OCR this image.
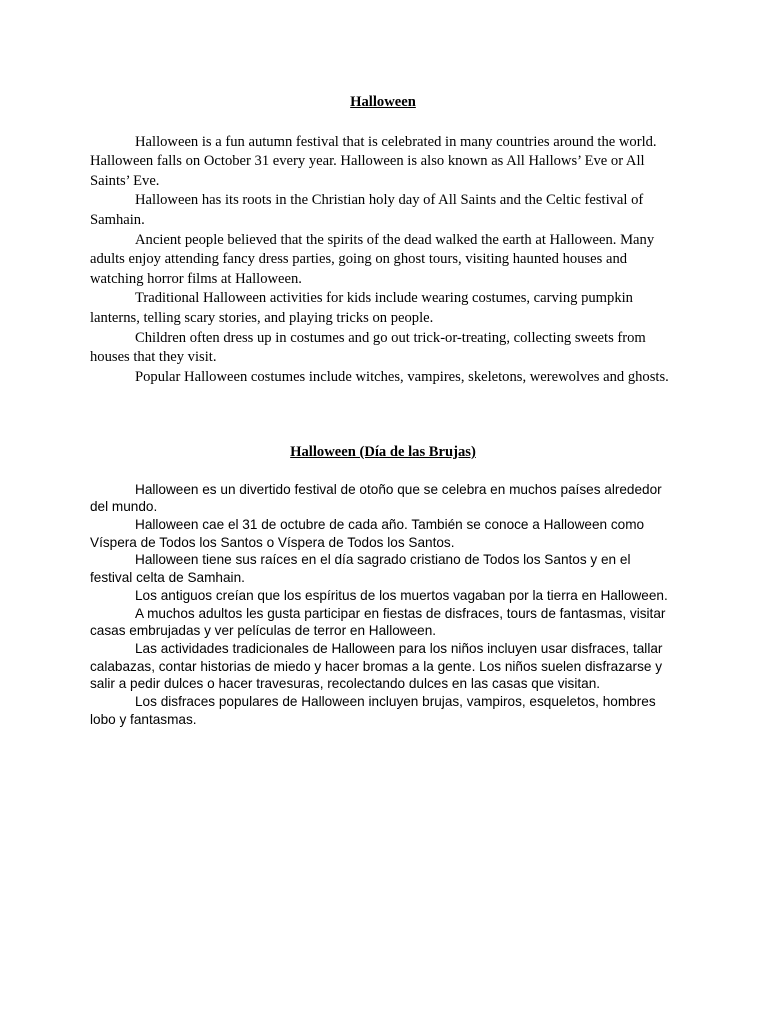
Halloween

Halloween is a fun autumn festival that is celebrated in many countries around the world. Halloween falls on October 31 every year. Halloween is also known as All Hallows’ Eve or All Saints’ Eve.

Halloween has its roots in the Christian holy day of All Saints and the Celtic festival of Samhain.

Ancient people believed that the spirits of the dead walked the earth at Halloween. Many adults enjoy attending fancy dress parties, going on ghost tours, visiting haunted houses and watching horror films at Halloween.

Traditional Halloween activities for kids include wearing costumes, carving pumpkin lanterns, telling scary stories, and playing tricks on people.

Children often dress up in costumes and go out trick-or-treating, collecting sweets from houses that they visit.

Popular Halloween costumes include witches, vampires, skeletons, werewolves and ghosts.

Halloween (Día de las Brujas)

Halloween es un divertido festival de otoño que se celebra en muchos países alrededor del mundo.

Halloween cae el 31 de octubre de cada año. También se conoce a Halloween como Víspera de Todos los Santos o Víspera de Todos los Santos.

Halloween tiene sus raíces en el día sagrado cristiano de Todos los Santos y en el festival celta de Samhain.

Los antiguos creían que los espíritus de los muertos vagaban por la tierra en Halloween.

A muchos adultos les gusta participar en fiestas de disfraces, tours de fantasmas, visitar casas embrujadas y ver películas de terror en Halloween.

Las actividades tradicionales de Halloween para los niños incluyen usar disfraces, tallar calabazas, contar historias de miedo y hacer bromas a la gente. Los niños suelen disfrazarse y salir a pedir dulces o hacer travesuras, recolectando dulces en las casas que visitan.

Los disfraces populares de Halloween incluyen brujas, vampiros, esqueletos, hombres lobo y fantasmas.
